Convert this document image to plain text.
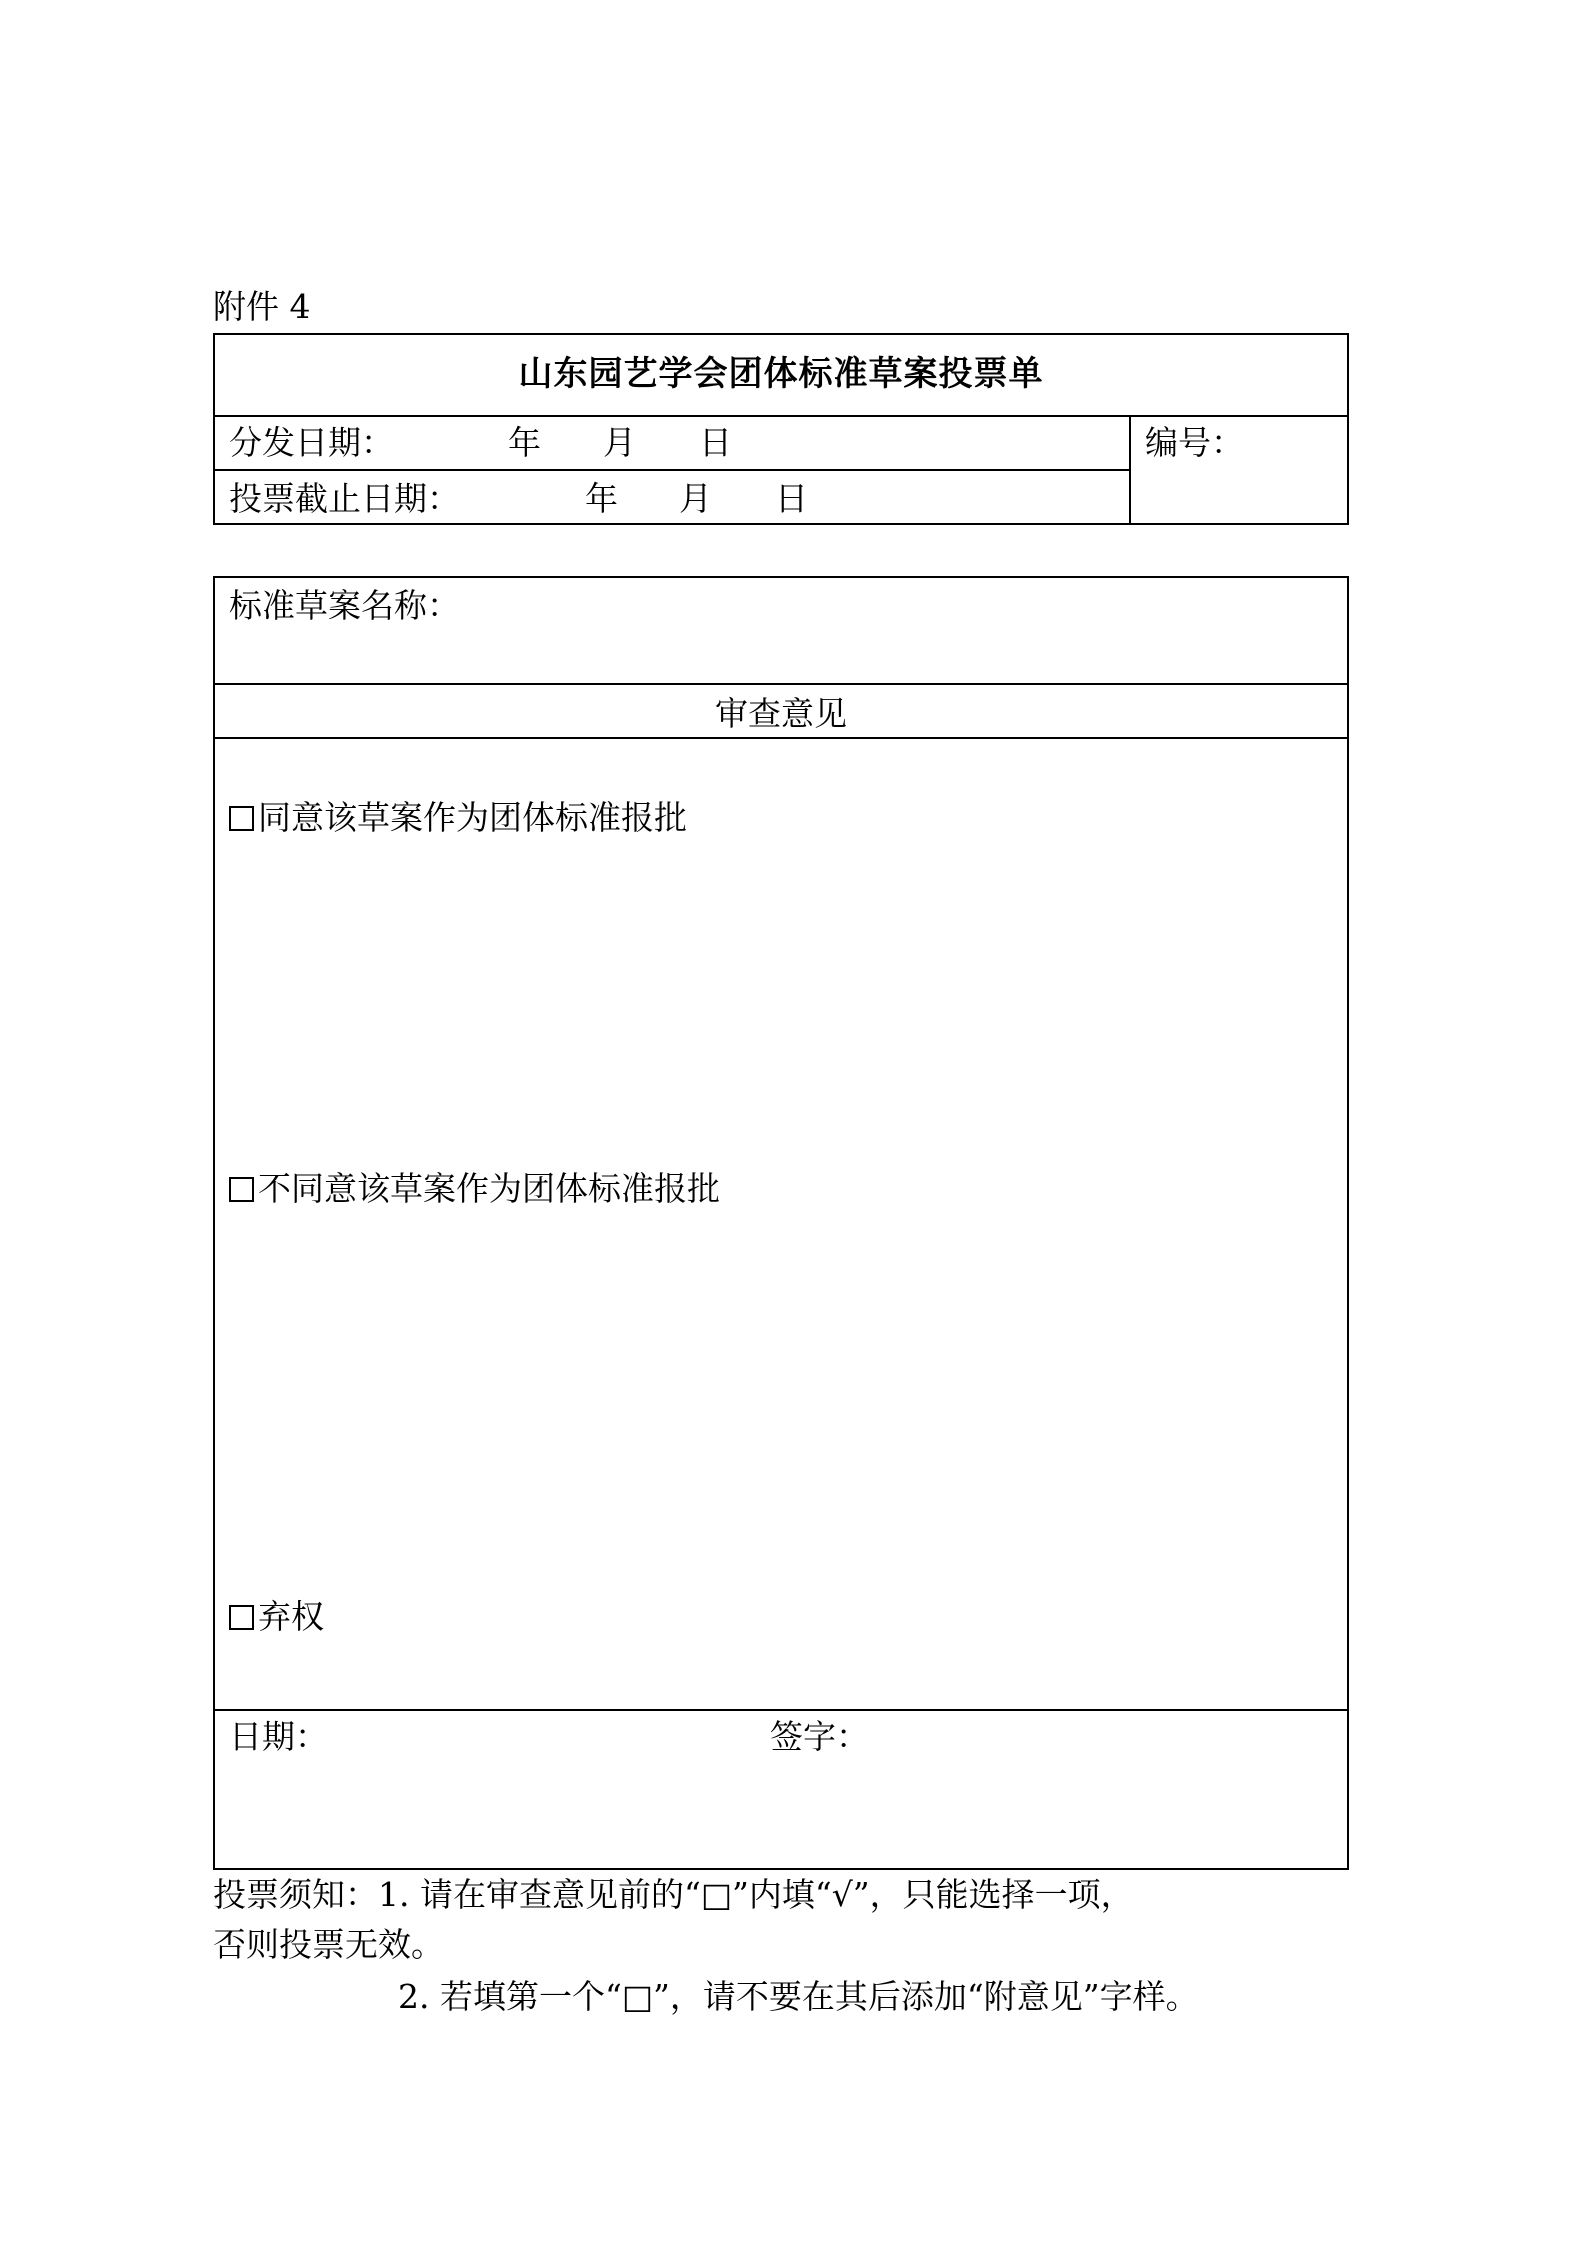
附件 4
山东园艺学会团体标准草案投票单
分发日期：	年 月 日
投票截止日期：	年 月 日
编号：
标准草案名称：
审查意见
同意该草案作为团体标准报批
不同意该草案作为团体标准报批
弃权
日期：	签字：
投票须知：1. 请在审查意见前的“□”内填“√”，只能选择一项，
否则投票无效。
2. 若填第一个“□”，请不要在其后添加“附意见”字样。
